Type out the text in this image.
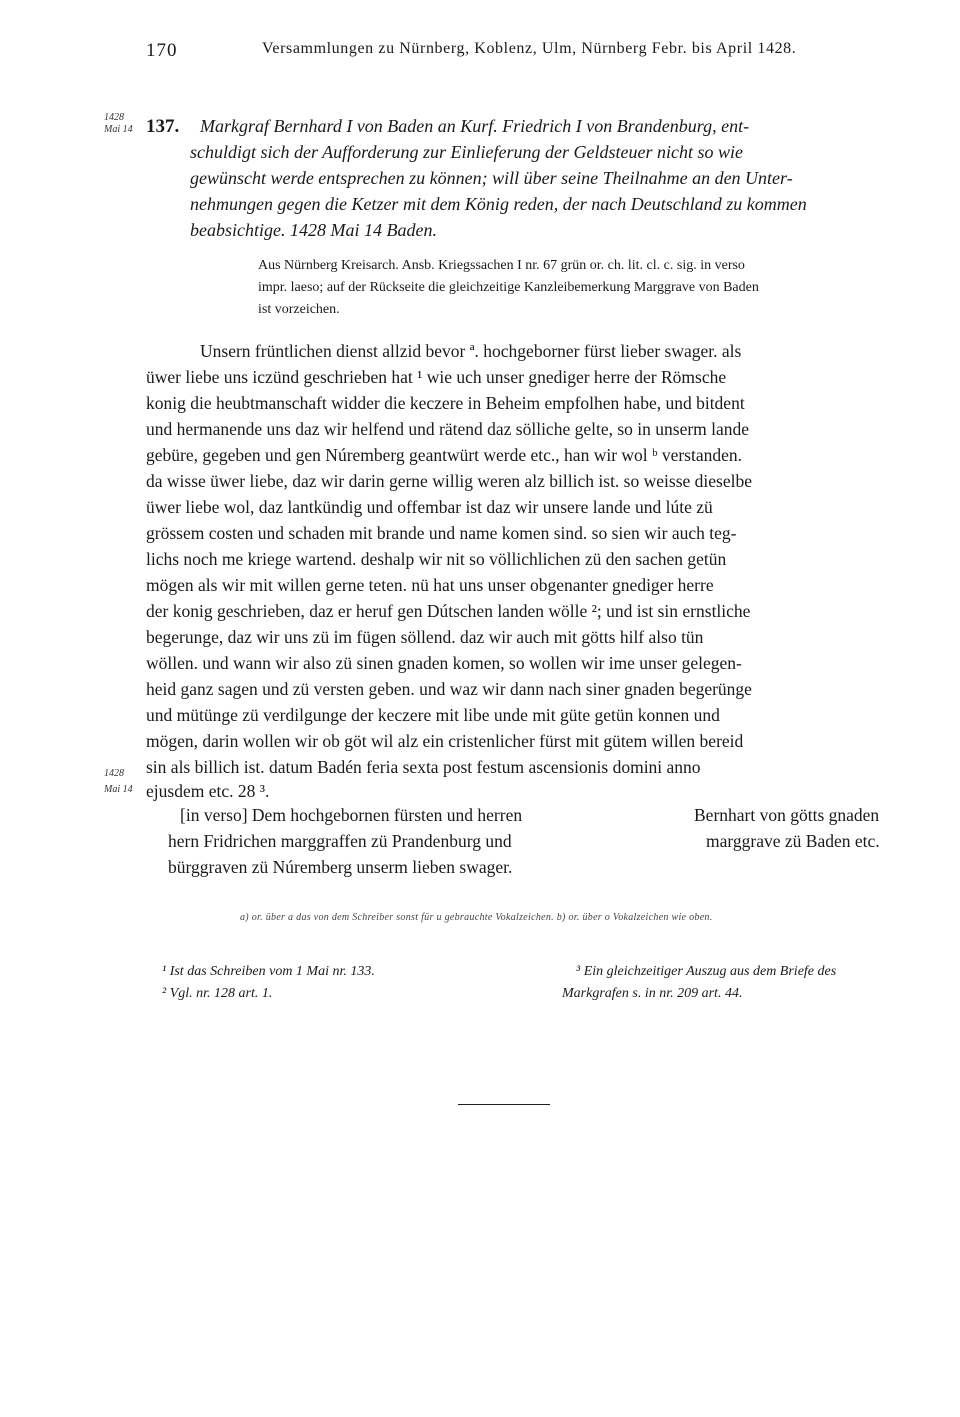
170	Versammlungen zu Nürnberg, Koblenz, Ulm, Nürnberg Febr. bis April 1428.
1428
Mai 14 137. Markgraf Bernhard I von Baden an Kurf. Friedrich I von Brandenburg, ent-
schuldigt sich der Aufforderung zur Einlieferung der Geldsteuer nicht so wie
gewünscht werde entsprechen zu können; will über seine Theilnahme an den Unter-
nehmungen gegen die Ketzer mit dem König reden, der nach Deutschland zu kommen
beabsichtige. 1428 Mai 14 Baden.
Aus Nürnberg Kreisarch. Ansb. Kriegssachen I nr. 67 grün or. ch. lit. cl. c. sig. in verso
impr. laeso; auf der Rückseite die gleichzeitige Kanzleibemerkung Marggrave von Baden
ist vorzeichen.
Unsern früntlichen dienst allzid bevor ª. hochgeborner fürst lieber swager. als
üwer liebe uns iczünd geschrieben hat ¹ wie uch unser gnediger herre der Römsche
konig die heubtmanschaft widder die keczere in Beheim empfolhen habe, und bitdent
und hermanende uns daz wir helfend und rätend daz sölliche gelte, so in unserm lande
gebüre, gegeben und gen Núremberg geantwürt werde etc., han wir wol ᵇ verstanden.
da wisse üwer liebe, daz wir darin gerne willig weren alz billich ist. so weisse dieselbe
üwer liebe wol, daz lantkündig und offembar ist daz wir unsere lande und lúte zü
grössem costen und schaden mit brande und name komen sind. so sien wir auch teg-
lichs noch me kriege wartend. deshalp wir nit so völlichlichen zü den sachen getün
mögen als wir mit willen gerne teten. nü hat uns unser obgenanter gnediger herre
der konig geschrieben, daz er heruf gen Dútschen landen wölle ²; und ist sin ernstliche
begerunge, daz wir uns zü im fügen söllend. daz wir auch mit götts hilf also tün
wöllen. und wann wir also zü sinen gnaden komen, so wollen wir ime unser gelegen-
heid ganz sagen und zü versten geben. und waz wir dann nach siner gnaden begerünge
und mütünge zü verdilgunge der keczere mit libe unde mit güte getün konnen und
mögen, darin wollen wir ob göt wil alz ein cristenlicher fürst mit gütem willen bereid
sin als billich ist. datum Badén feria sexta post festum ascensionis domini anno
ejusdem etc. 28 ³.
1428
Mai 14
[in verso] Dem hochgebornen fürsten und herren
hern Fridrichen marggraffen zü Prandenburg und
bürggraven zü Núremberg unserm lieben swager.
Bernhart von götts gnaden
marggrave zü Baden etc.
a) or. über a das von dem Schreiber sonst für u gebrauchte Vokalzeichen. b) or. über o Vokalzeichen wie oben.
¹ Ist das Schreiben vom 1 Mai nr. 133.
² Vgl. nr. 128 art. 1.
³ Ein gleichzeitiger Auszug aus dem Briefe des
Markgrafen s. in nr. 209 art. 44.
